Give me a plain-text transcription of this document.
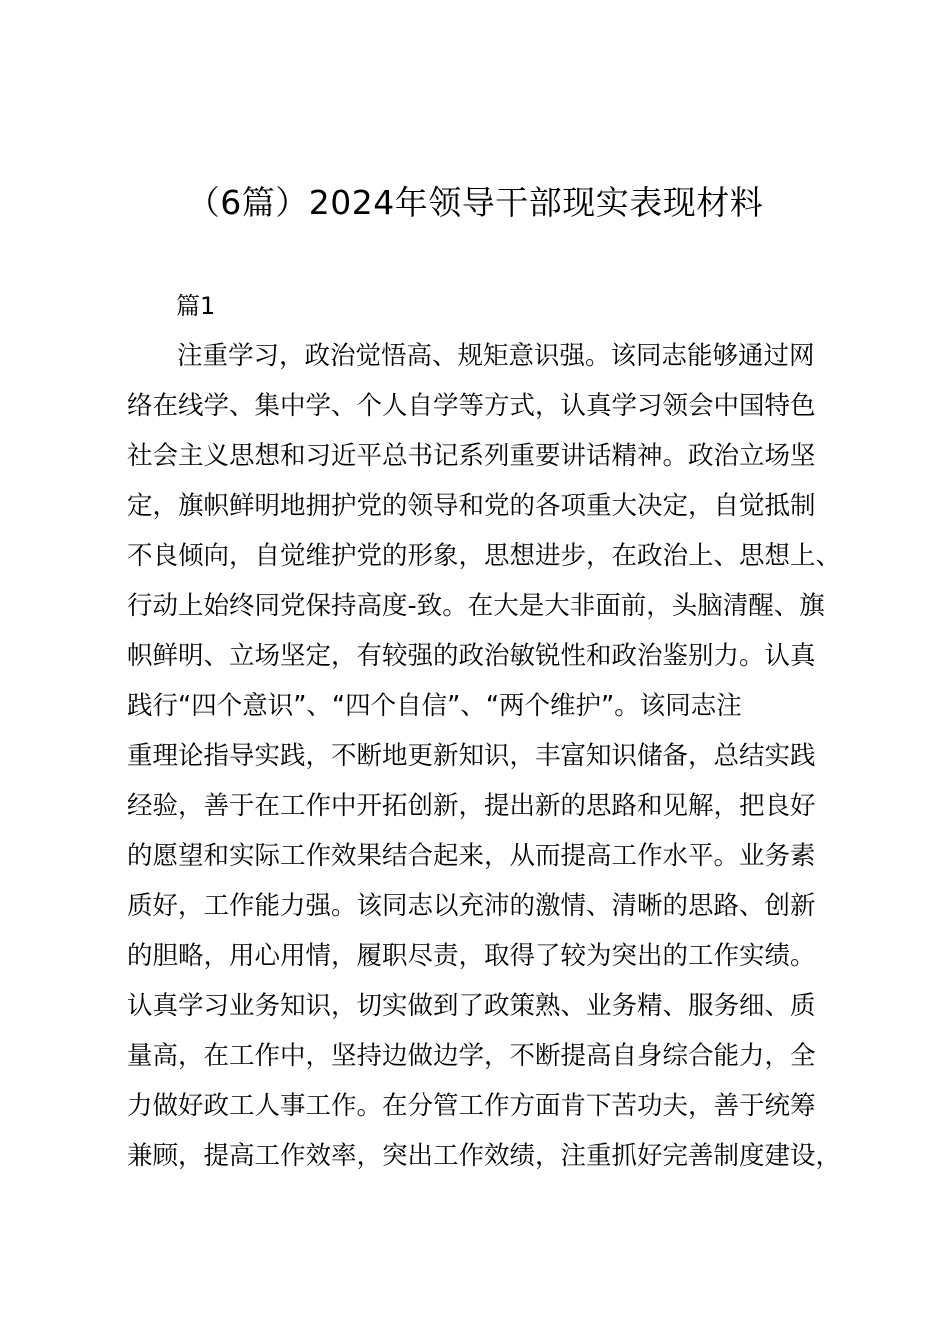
（6篇）2024年领导干部现实表现材料
篇1
注重学习，政治觉悟高、规矩意识强。该同志能够通过网
络在线学、集中学、个人自学等方式，认真学习领会中国特色
社会主义思想和习近平总书记系列重要讲话精神。政治立场坚
定，旗帜鲜明地拥护党的领导和党的各项重大决定，自觉抵制
不良倾向，自觉维护党的形象，思想进步，在政治上、思想上、
行动上始终同党保持高度-致。在大是大非面前，头脑清醒、旗
帜鲜明、立场坚定，有较强的政治敏锐性和政治鉴别力。认真
践行“四个意识”、“四个自信”、“两个维护”。该同志注
重理论指导实践，不断地更新知识，丰富知识储备，总结实践
经验，善于在工作中开拓创新，提出新的思路和见解，把良好
的愿望和实际工作效果结合起来，从而提高工作水平。业务素
质好，工作能力强。该同志以充沛的激情、清晰的思路、创新
的胆略，用心用情，履职尽责，取得了较为突出的工作实绩。
认真学习业务知识，切实做到了政策熟、业务精、服务细、质
量高，在工作中，坚持边做边学，不断提高自身综合能力，全
力做好政工人事工作。在分管工作方面肯下苦功夫，善于统筹
兼顾，提高工作效率，突出工作效绩，注重抓好完善制度建设，
